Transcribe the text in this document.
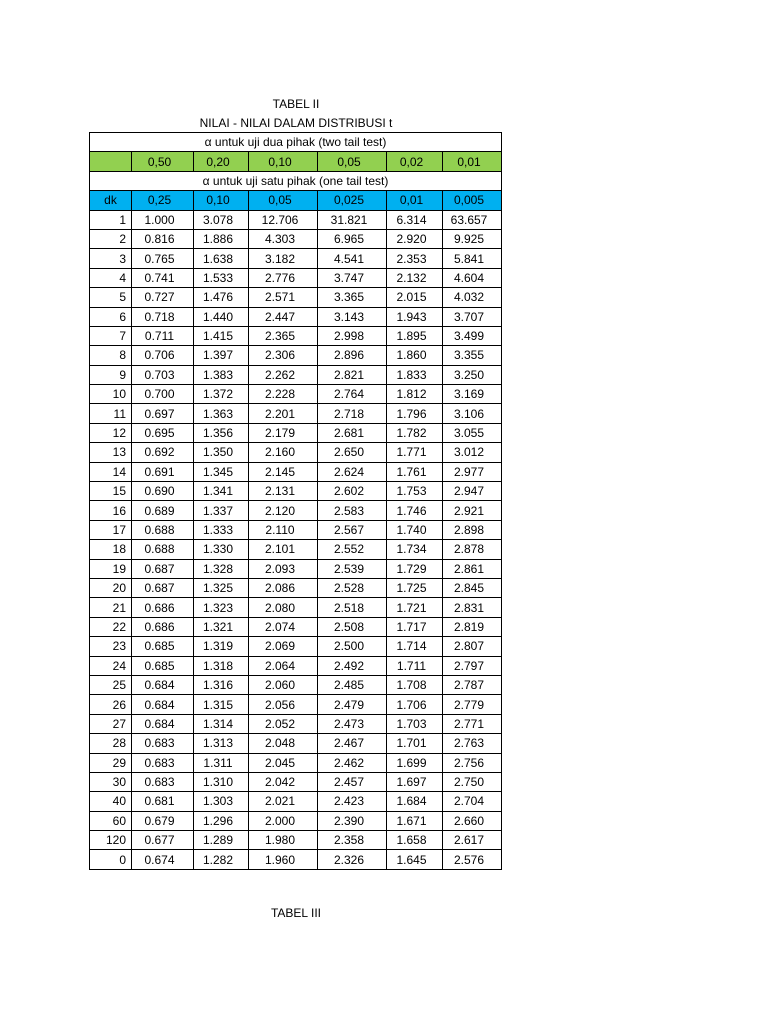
TABEL II
NILAI - NILAI DALAM DISTRIBUSI t
α untuk uji dua pihak (two tail test)						
	0,50	0,20	0,10	0,05	0,02	0,01
α untuk uji satu pihak (one tail test)						
dk	0,25	0,10	0,05	0,025	0,01	0,005
1	1.000	3.078	12.706	31.821	6.314	63.657
2	0.816	1.886	4.303	6.965	2.920	9.925
3	0.765	1.638	3.182	4.541	2.353	5.841
4	0.741	1.533	2.776	3.747	2.132	4.604
5	0.727	1.476	2.571	3.365	2.015	4.032
6	0.718	1.440	2.447	3.143	1.943	3.707
7	0.711	1.415	2.365	2.998	1.895	3.499
8	0.706	1.397	2.306	2.896	1.860	3.355
9	0.703	1.383	2.262	2.821	1.833	3.250
10	0.700	1.372	2.228	2.764	1.812	3.169
11	0.697	1.363	2.201	2.718	1.796	3.106
12	0.695	1.356	2.179	2.681	1.782	3.055
13	0.692	1.350	2.160	2.650	1.771	3.012
14	0.691	1.345	2.145	2.624	1.761	2.977
15	0.690	1.341	2.131	2.602	1.753	2.947
16	0.689	1.337	2.120	2.583	1.746	2.921
17	0.688	1.333	2.110	2.567	1.740	2.898
18	0.688	1.330	2.101	2.552	1.734	2.878
19	0.687	1.328	2.093	2.539	1.729	2.861
20	0.687	1.325	2.086	2.528	1.725	2.845
21	0.686	1.323	2.080	2.518	1.721	2.831
22	0.686	1.321	2.074	2.508	1.717	2.819
23	0.685	1.319	2.069	2.500	1.714	2.807
24	0.685	1.318	2.064	2.492	1.711	2.797
25	0.684	1.316	2.060	2.485	1.708	2.787
26	0.684	1.315	2.056	2.479	1.706	2.779
27	0.684	1.314	2.052	2.473	1.703	2.771
28	0.683	1.313	2.048	2.467	1.701	2.763
29	0.683	1.311	2.045	2.462	1.699	2.756
30	0.683	1.310	2.042	2.457	1.697	2.750
40	0.681	1.303	2.021	2.423	1.684	2.704
60	0.679	1.296	2.000	2.390	1.671	2.660
120	0.677	1.289	1.980	2.358	1.658	2.617
0	0.674	1.282	1.960	2.326	1.645	2.576
TABEL III
